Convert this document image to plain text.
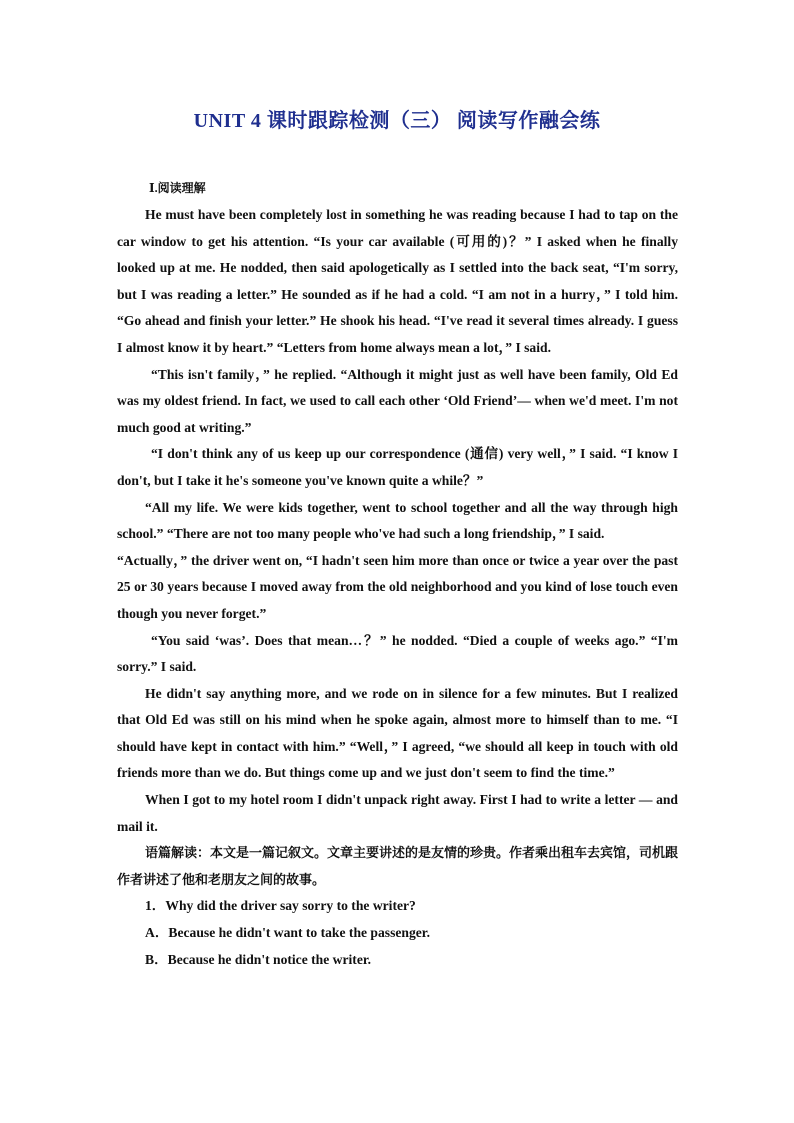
UNIT 4 课时跟踪检测（三） 阅读写作融会练
Ⅰ.阅读理解

He must have been completely lost in something he was reading because I had to tap on the car window to get his attention. “Is your car available (可用的)？” I asked when he finally looked up at me. He nodded, then said apologetically as I settled into the back seat, “I'm sorry, but I was reading a letter.” He sounded as if he had a cold. “I am not in a hurry，” I told him. “Go ahead and finish your letter.” He shook his head. “I've read it several times already. I guess I almost know it by heart.” “Letters from home always mean a lot，” I said.

“This isn't family，” he replied. “Although it might just as well have been family, Old Ed was my oldest friend. In fact, we used to call each other ‘Old Friend’— when we'd meet. I'm not much good at writing.”

“I don't think any of us keep up our correspondence (通信) very well，” I said. “I know I don't, but I take it he's someone you've known quite a while？”

“All my life. We were kids together, went to school together and all the way through high school.” “There are not too many people who've had such a long friendship，” I said.

“Actually，” the driver went on, “I hadn't seen him more than once or twice a year over the past 25 or 30 years because I moved away from the old neighborhood and you kind of lose touch even though you never forget.”

“You said ‘was’. Does that mean…？” he nodded. “Died a couple of weeks ago.” “I'm sorry.” I said.

He didn't say anything more, and we rode on in silence for a few minutes. But I realized that Old Ed was still on his mind when he spoke again, almost more to himself than to me. “I should have kept in contact with him.” “Well，” I agreed, “we should all keep in touch with old friends more than we do. But things come up and we just don't seem to find the time.”

When I got to my hotel room I didn't unpack right away. First I had to write a letter — and mail it.

语篇解读：本文是一篇记叙文。文章主要讲述的是友情的珍贵。作者乘出租车去宾馆，司机跟作者讲述了他和老朋友之间的故事。

1．Why did the driver say sorry to the writer?

A．Because he didn't want to take the passenger.

B．Because he didn't notice the writer.
